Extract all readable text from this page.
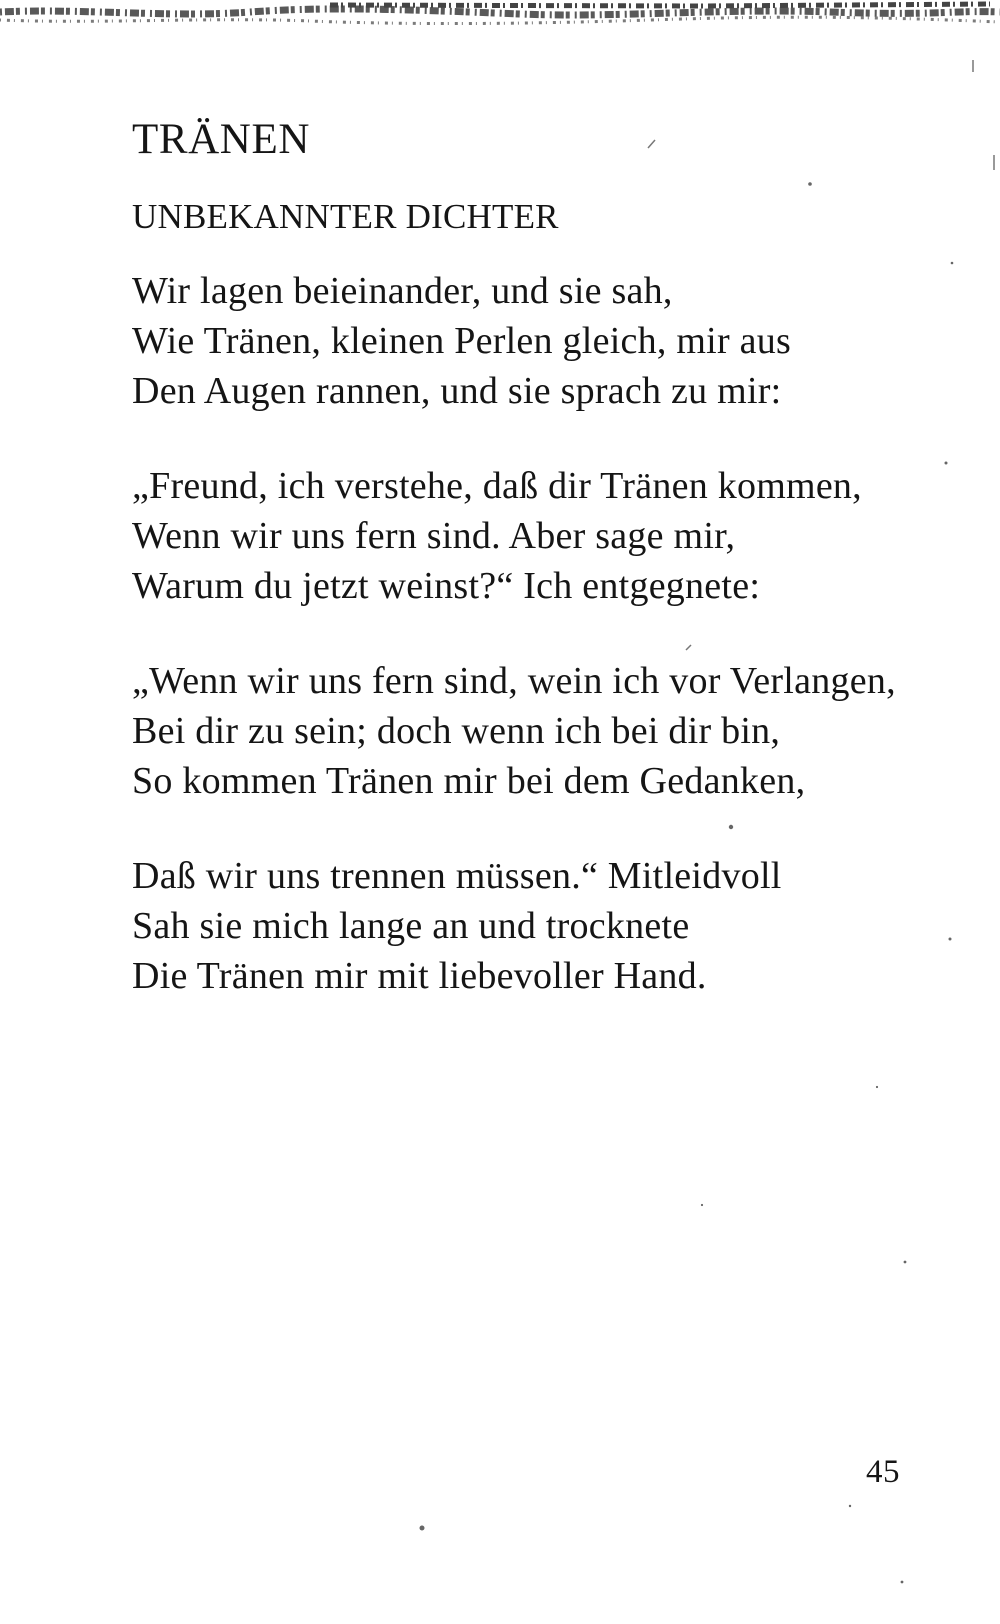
TRÄNEN
UNBEKANNTER DICHTER
Wir lagen beieinander, und sie sah,
Wie Tränen, kleinen Perlen gleich, mir aus
Den Augen rannen, und sie sprach zu mir:
„Freund, ich verstehe, daß dir Tränen kommen,
Wenn wir uns fern sind. Aber sage mir,
Warum du jetzt weinst?“ Ich entgegnete:
„Wenn wir uns fern sind, wein ich vor Verlangen,
Bei dir zu sein; doch wenn ich bei dir bin,
So kommen Tränen mir bei dem Gedanken,
Daß wir uns trennen müssen.“ Mitleidvoll
Sah sie mich lange an und trocknete
Die Tränen mir mit liebevoller Hand.
45
